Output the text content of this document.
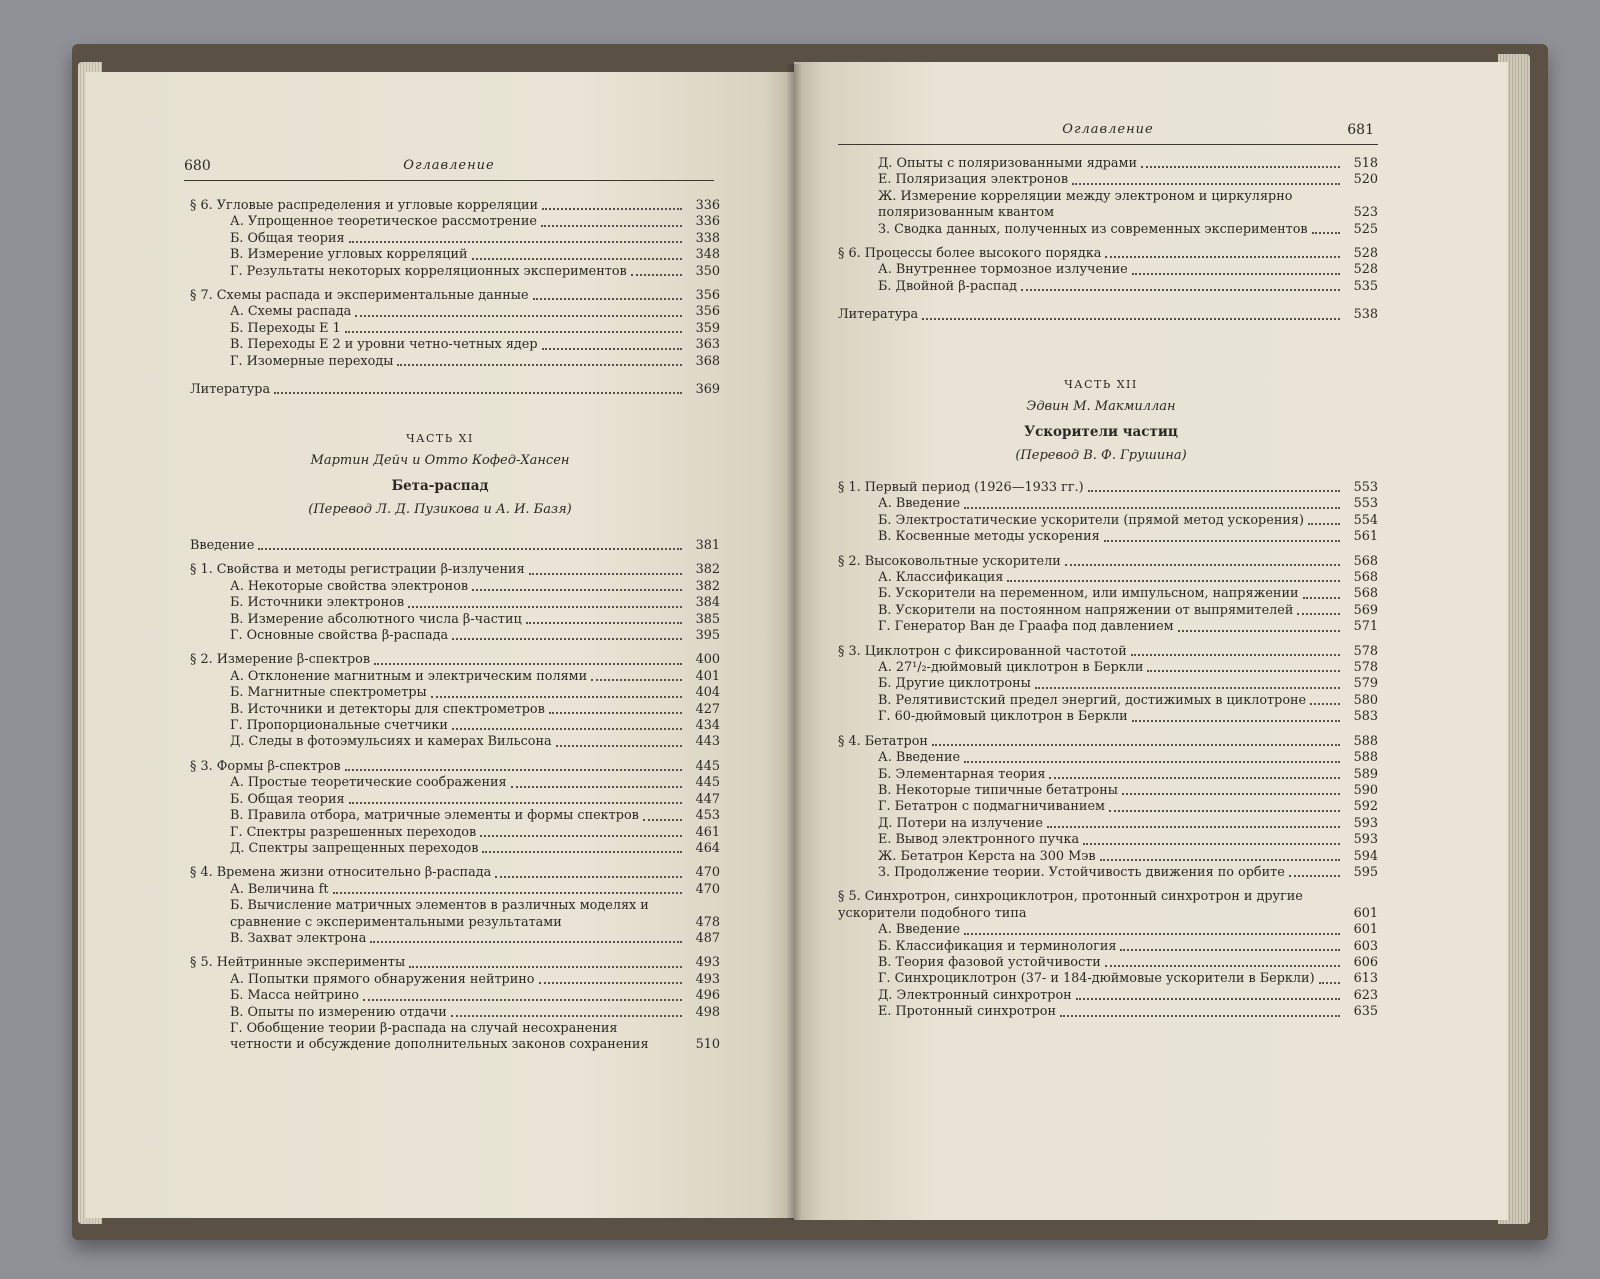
680	Оглавление
§ 6. Угловые распределения и угловые корреляции	336
А. Упрощенное теоретическое рассмотрение	336
Б. Общая теория	338
В. Измерение угловых корреляций	348
Г. Результаты некоторых корреляционных экспериментов	350
§ 7. Схемы распада и экспериментальные данные	356
А. Схемы распада	356
Б. Переходы E 1	359
В. Переходы E 2 и уровни четно-четных ядер	363
Г. Изомерные переходы	368
Литература	369
ЧАСТЬ XI
Мартин Дейч и Отто Кофед-Хансен
Бета-распад
(Перевод Л. Д. Пузикова и А. И. Базя)
Введение	381
§ 1. Свойства и методы регистрации β-излучения	382
А. Некоторые свойства электронов	382
Б. Источники электронов	384
В. Измерение абсолютного числа β-частиц	385
Г. Основные свойства β-распада	395
§ 2. Измерение β-спектров	400
А. Отклонение магнитным и электрическим полями	401
Б. Магнитные спектрометры	404
В. Источники и детекторы для спектрометров	427
Г. Пропорциональные счетчики	434
Д. Следы в фотоэмульсиях и камерах Вильсона	443
§ 3. Формы β-спектров	445
А. Простые теоретические соображения	445
Б. Общая теория	447
В. Правила отбора, матричные элементы и формы спектров	453
Г. Спектры разрешенных переходов	461
Д. Спектры запрещенных переходов	464
§ 4. Времена жизни относительно β-распада	470
А. Величина ft	470
Б. Вычисление матричных элементов в различных моделях и сравнение с экспериментальными результатами	478
В. Захват электрона	487
§ 5. Нейтринные эксперименты	493
А. Попытки прямого обнаружения нейтрино	493
Б. Масса нейтрино	496
В. Опыты по измерению отдачи	498
Г. Обобщение теории β-распада на случай несохранения четности и обсуждение дополнительных законов сохранения	510
Оглавление	681
Д. Опыты с поляризованными ядрами	518
Е. Поляризация электронов	520
Ж. Измерение корреляции между электроном и циркулярно поляризованным квантом	523
З. Сводка данных, полученных из современных экспериментов	525
§ 6. Процессы более высокого порядка	528
А. Внутреннее тормозное излучение	528
Б. Двойной β-распад	535
Литература	538
ЧАСТЬ XII
Эдвин М. Макмиллан
Ускорители частиц
(Перевод В. Ф. Грушина)
§ 1. Первый период (1926—1933 гг.)	553
А. Введение	553
Б. Электростатические ускорители (прямой метод ускорения)	554
В. Косвенные методы ускорения	561
§ 2. Высоковольтные ускорители	568
А. Классификация	568
Б. Ускорители на переменном, или импульсном, напряжении	568
В. Ускорители на постоянном напряжении от выпрямителей	569
Г. Генератор Ван де Граафа под давлением	571
§ 3. Циклотрон с фиксированной частотой	578
А. 27¹/₂-дюймовый циклотрон в Беркли	578
Б. Другие циклотроны	579
В. Релятивистский предел энергий, достижимых в циклотроне	580
Г. 60-дюймовый циклотрон в Беркли	583
§ 4. Бетатрон	588
А. Введение	588
Б. Элементарная теория	589
В. Некоторые типичные бетатроны	590
Г. Бетатрон с подмагничиванием	592
Д. Потери на излучение	593
Е. Вывод электронного пучка	593
Ж. Бетатрон Керста на 300 Мэв	594
З. Продолжение теории. Устойчивость движения по орбите	595
§ 5. Синхротрон, синхроциклотрон, протонный синхротрон и другие ускорители подобного типа	601
А. Введение	601
Б. Классификация и терминология	603
В. Теория фазовой устойчивости	606
Г. Синхроциклотрон (37- и 184-дюймовые ускорители в Беркли)	613
Д. Электронный синхротрон	623
Е. Протонный синхротрон	635
